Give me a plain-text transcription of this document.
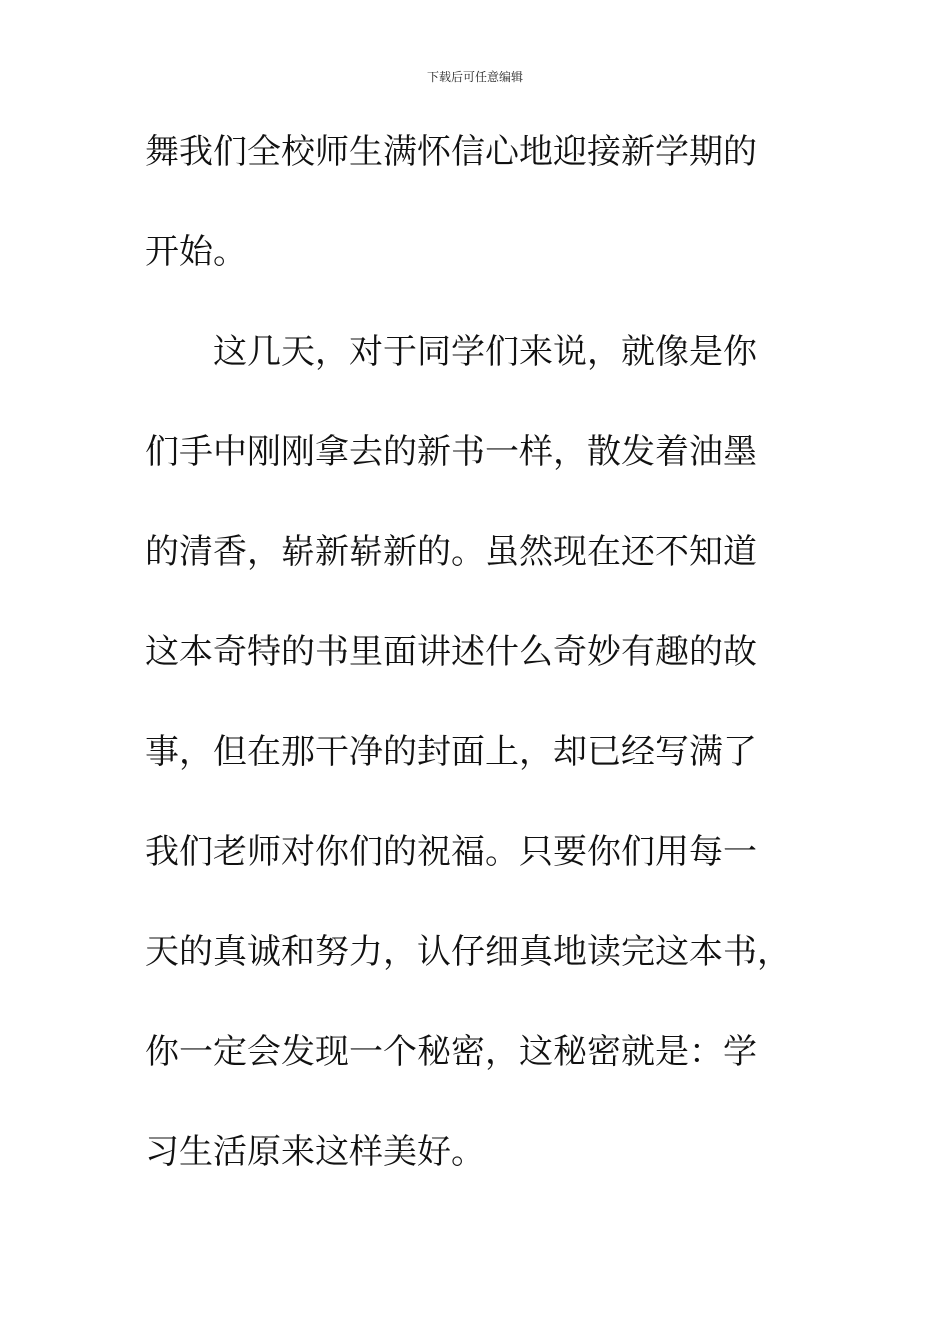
下载后可任意编辑
舞我们全校师生满怀信心地迎接新学期的
开始。
　　这几天，对于同学们来说，就像是你
们手中刚刚拿去的新书一样，散发着油墨
的清香，崭新崭新的。虽然现在还不知道
这本奇特的书里面讲述什么奇妙有趣的故
事，但在那干净的封面上，却已经写满了
我们老师对你们的祝福。只要你们用每一
天的真诚和努力，认仔细真地读完这本书，
你一定会发现一个秘密，这秘密就是：学
习生活原来这样美好。
